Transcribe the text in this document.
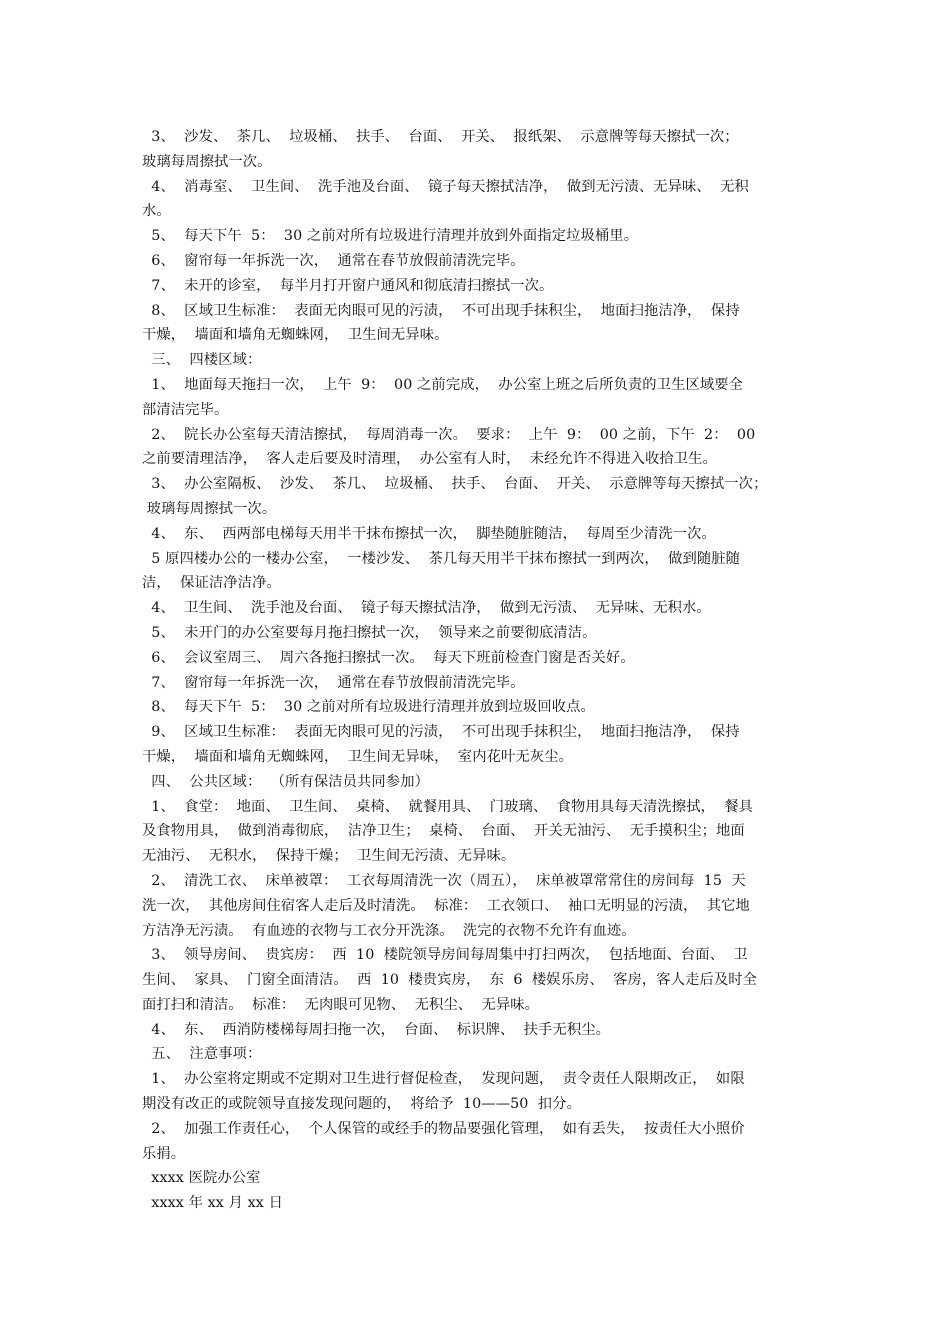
3、  沙发、  茶几、  垃圾桶、  扶手、  台面、  开关、  报纸架、  示意牌等每天擦拭一次；
玻璃每周擦拭一次。
4、  消毒室、  卫生间、  洗手池及台面、  镜子每天擦拭洁净，  做到无污渍、无异味、  无积
水。
5、  每天下午  5：  30 之前对所有垃圾进行清理并放到外面指定垃圾桶里。
6、  窗帘每一年拆洗一次，  通常在春节放假前清洗完毕。
7、  未开的诊室，  每半月打开窗户通风和彻底清扫擦拭一次。
8、  区域卫生标准：  表面无肉眼可见的污渍，  不可出现手抹积尘，  地面扫拖洁净，  保持
干燥，  墙面和墙角无蜘蛛网，  卫生间无异味。
三、  四楼区域：
1、  地面每天拖扫一次，  上午  9：  00 之前完成，  办公室上班之后所负责的卫生区域要全
部清洁完毕。
2、  院长办公室每天清洁擦拭，  每周消毒一次。  要求：  上午  9：  00 之前，下午  2：  00
之前要清理洁净，  客人走后要及时清理，  办公室有人时，  未经允许不得进入收拾卫生。
3、  办公室隔板、  沙发、  茶几、  垃圾桶、  扶手、  台面、  开关、  示意牌等每天擦拭一次；
玻璃每周擦拭一次。
4、  东、  西两部电梯每天用半干抹布擦拭一次，  脚垫随脏随洁，  每周至少清洗一次。
5 原四楼办公的一楼办公室，  一楼沙发、  茶几每天用半干抹布擦拭一到两次，  做到随脏随
洁，  保证洁净洁净。
4、  卫生间、  洗手池及台面、  镜子每天擦拭洁净，  做到无污渍、  无异味、无积水。
5、  未开门的办公室要每月拖扫擦拭一次，  领导来之前要彻底清洁。
6、  会议室周三、  周六各拖扫擦拭一次。  每天下班前检查门窗是否关好。
7、  窗帘每一年拆洗一次，  通常在春节放假前清洗完毕。
8、  每天下午  5：  30 之前对所有垃圾进行清理并放到垃圾回收点。
9、  区域卫生标准：  表面无肉眼可见的污渍，  不可出现手抹积尘，  地面扫拖洁净，  保持
干燥，  墙面和墙角无蜘蛛网，  卫生间无异味，  室内花叶无灰尘。
四、  公共区域：  （所有保洁员共同参加）
1、  食堂：  地面、  卫生间、  桌椅、  就餐用具、  门玻璃、  食物用具每天清洗擦拭，  餐具
及食物用具，  做到消毒彻底，  洁净卫生；  桌椅、  台面、  开关无油污、  无手摸积尘；地面
无油污、  无积水，  保持干燥；  卫生间无污渍、无异味。
2、  清洗工衣、  床单被罩：  工衣每周清洗一次（周五），  床单被罩常常住的房间每  15  天
洗一次，  其他房间住宿客人走后及时清洗。  标准：  工衣领口、  袖口无明显的污渍，  其它地
方洁净无污渍。  有血迹的衣物与工衣分开洗涤。  洗完的衣物不允许有血迹。
3、  领导房间、  贵宾房：  西  10  楼院领导房间每周集中打扫两次，  包括地面、台面、  卫
生间、  家具、  门窗全面清洁。  西  10  楼贵宾房，  东  6  楼娱乐房、  客房，客人走后及时全
面打扫和清洁。  标准：  无肉眼可见物、  无积尘、  无异味。
4、  东、  西消防楼梯每周扫拖一次，  台面、  标识牌、  扶手无积尘。
五、  注意事项：
1、  办公室将定期或不定期对卫生进行督促检查，  发现问题，  责令责任人限期改正，  如限
期没有改正的或院领导直接发现问题的，  将给予  10——50  扣分。
2、  加强工作责任心，  个人保管的或经手的物品要强化管理，  如有丢失，  按责任大小照价
乐捐。
xxxx 医院办公室
xxxx 年 xx 月 xx 日
